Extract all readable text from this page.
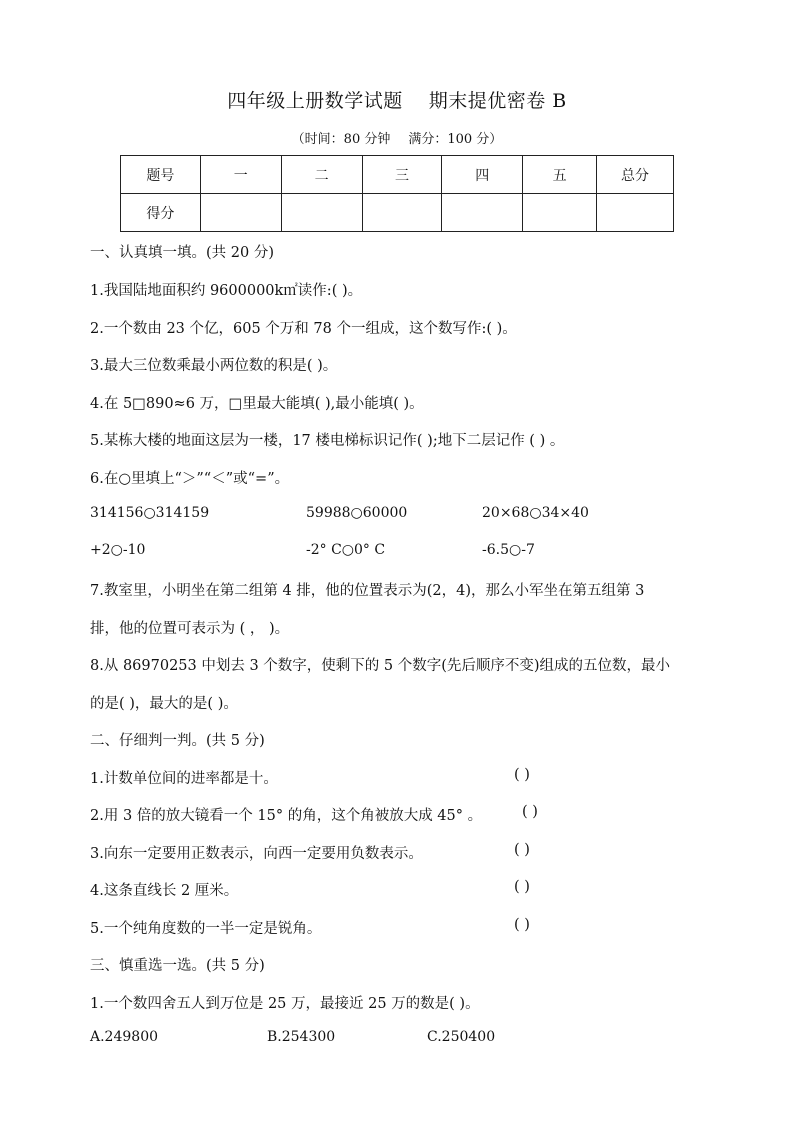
四年级上册数学试题 期末提优密卷 B
（时间：80 分钟 满分：100 分）
题号	一	二	三	四	五	总分
得分						
一、认真填一填。(共 20 分)
1.我国陆地面积约 9600000k㎡读作:( )。
2.一个数由 23 个亿，605 个万和 78 个一组成，这个数写作:( )。
3.最大三位数乘最小两位数的积是( )。
4.在 5□890≈6 万，□里最大能填( ),最小能填( )。
5.某栋大楼的地面这层为一楼，17 楼电梯标识记作( );地下二层记作 ( ) 。
6.在○里填上“＞”“＜”或“=”。
314156○314159	59988○60000	20×68○34×40
+2○-10	-2° C○0° C	-6.5○-7
7.教室里，小明坐在第二组第 4 排，他的位置表示为(2，4)，那么小军坐在第五组第 3
排，他的位置可表示为 ( ， )。
8.从 86970253 中划去 3 个数字，使剩下的 5 个数字(先后顺序不变)组成的五位数，最小
的是( )，最大的是( )。
二、仔细判一判。(共 5 分)
1.计数单位间的进率都是十。	( )
2.用 3 倍的放大镜看一个 15° 的角，这个角被放大成 45° 。	( )
3.向东一定要用正数表示，向西一定要用负数表示。	( )
4.这条直线长 2 厘米。	( )
5.一个纯角度数的一半一定是锐角。	( )
三、慎重选一选。(共 5 分)
1.一个数四舍五人到万位是 25 万，最接近 25 万的数是( )。
A.249800	B.254300	C.250400
